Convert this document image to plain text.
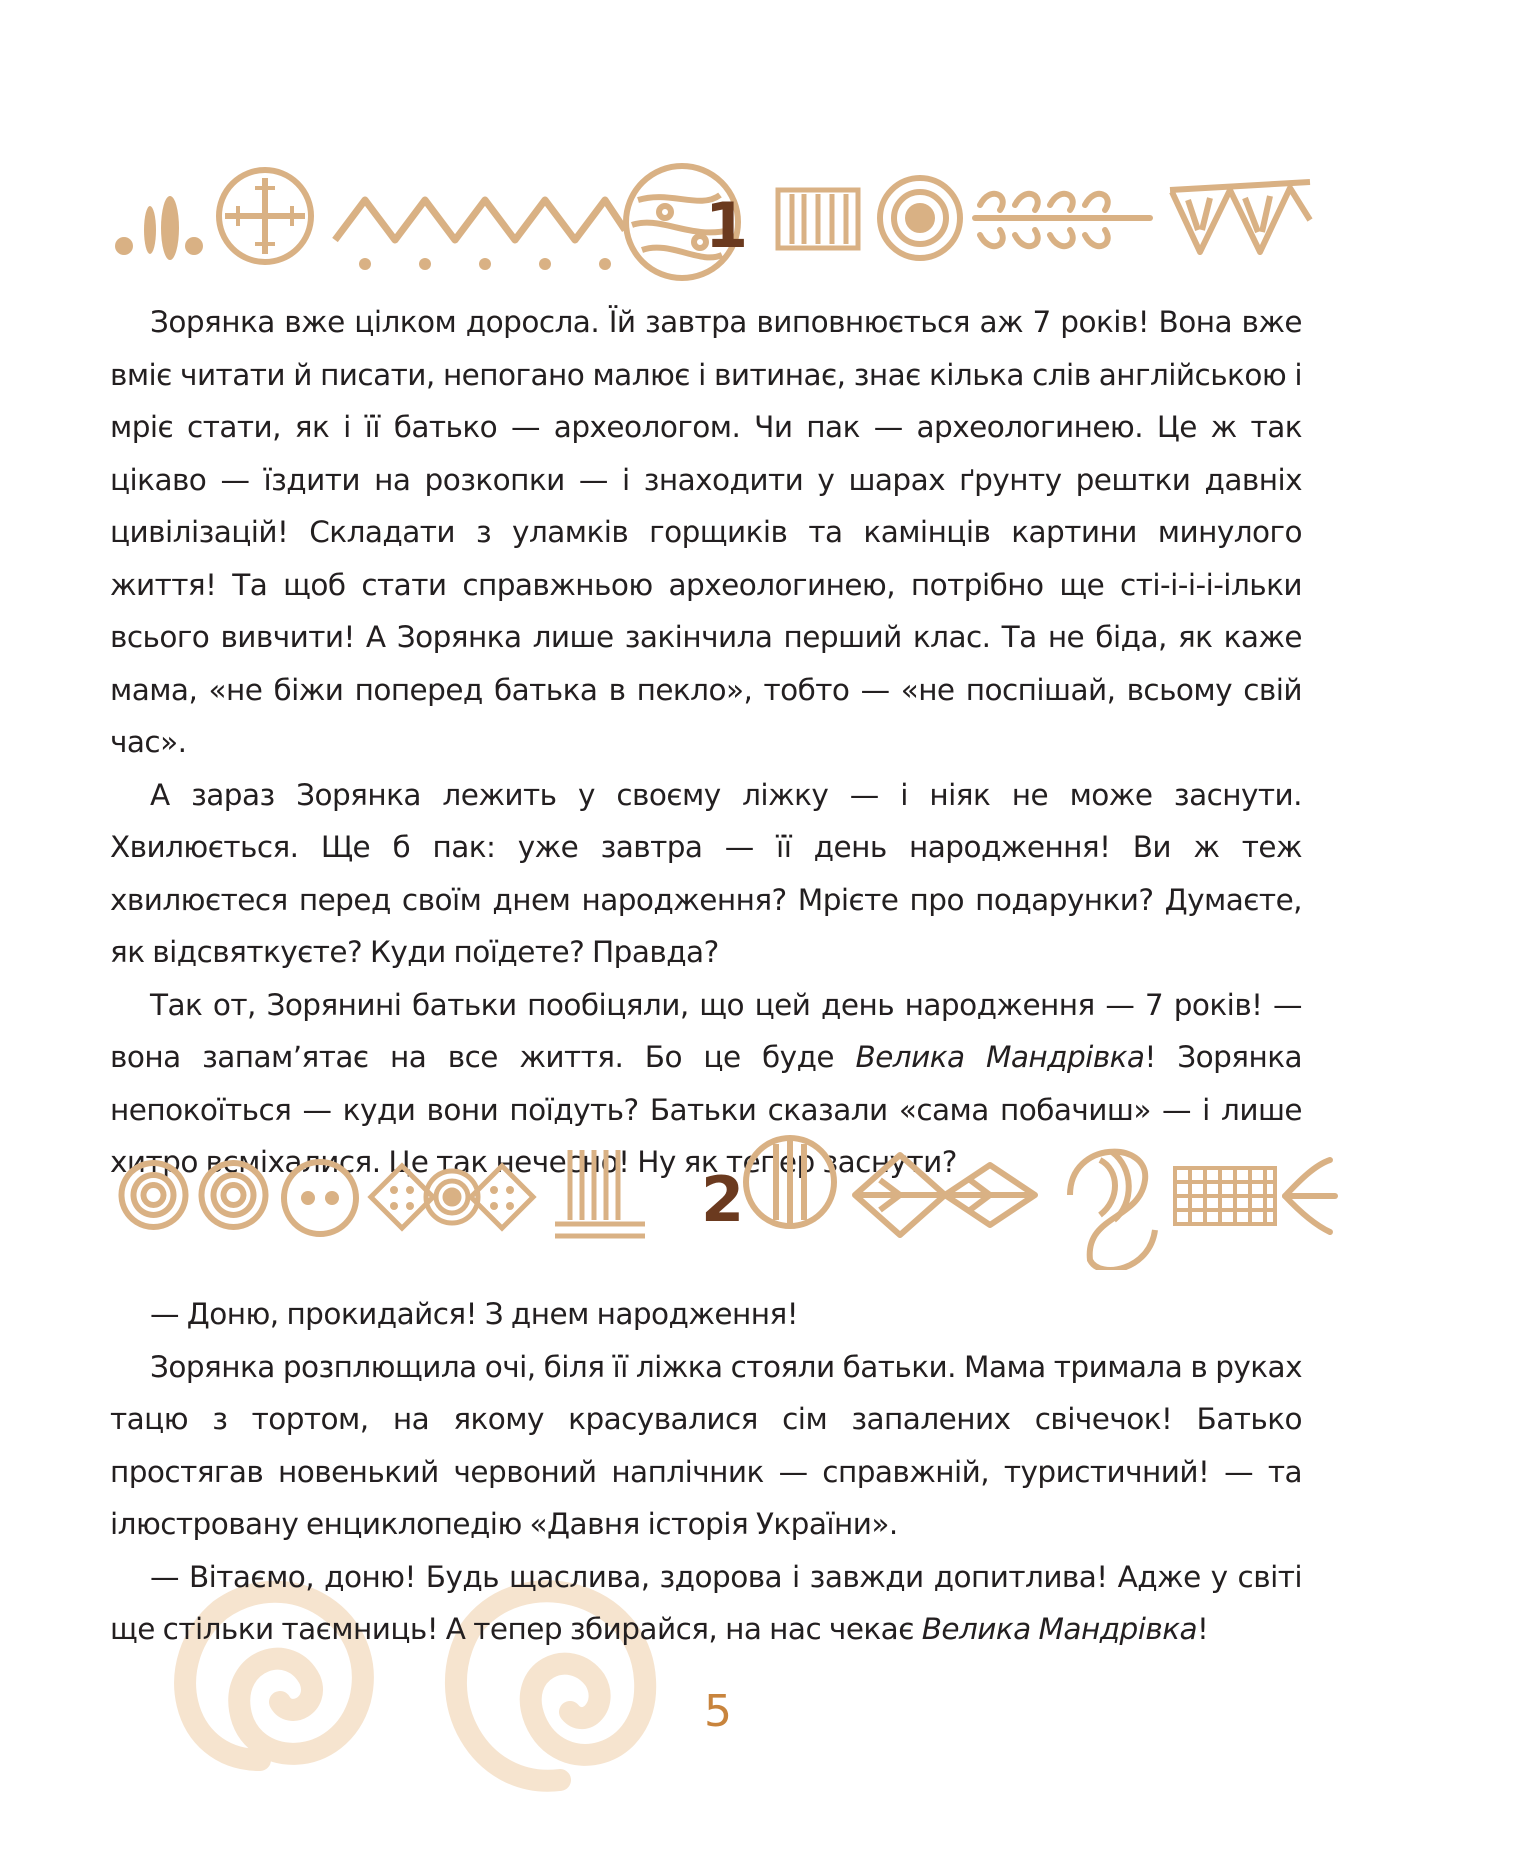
1

Зорянка вже цілком доросла. Їй завтра виповнюється аж 7 років! Вона вже вміє читати й писати, непогано малює і витинає, знає кілька слів англійською і мріє стати, як і її батько — археологом. Чи пак — археологинею. Це ж так цікаво — їздити на розкопки — і знаходити у шарах ґрунту рештки давніх цивілізацій! Складати з уламків горщиків та камінців картини минулого життя! Та щоб стати справжньою археологинею, потрібно ще сті-і-і-і-ільки всього вивчити! А Зорянка лише закінчила перший клас. Та не біда, як каже мама, «не біжи поперед батька в пекло», тобто — «не поспішай, всьому свій час».

А зараз Зорянка лежить у своєму ліжку — і ніяк не може заснути. Хвилюється. Ще б пак: уже завтра — її день народження! Ви ж теж хвилюєтеся перед своїм днем народження? Мрієте про подарунки? Думаєте, як відсвяткуєте? Куди поїдете? Правда?

Так от, Зорянині батьки пообіцяли, що цей день народження — 7 років! — вона запам’ятає на все життя. Бо це буде Велика Мандрівка! Зорянка непокоїться — куди вони поїдуть? Батьки сказали «сама побачиш» — і лише хитро всміхалися. Це так нечесно! Ну як тепер заснути?

2

— Доню, прокидайся! З днем народження!

Зорянка розплющила очі, біля її ліжка стояли батьки. Мама тримала в руках тацю з тортом, на якому красувалися сім запалених свічечок! Батько простягав новенький червоний наплічник — справжній, туристичний! — та ілюстровану енциклопедію «Давня історія України».

— Вітаємо, доню! Будь щаслива, здорова і завжди допитлива! Адже у світі ще стільки таємниць! А тепер збирайся, на нас чекає Велика Мандрівка!

5
